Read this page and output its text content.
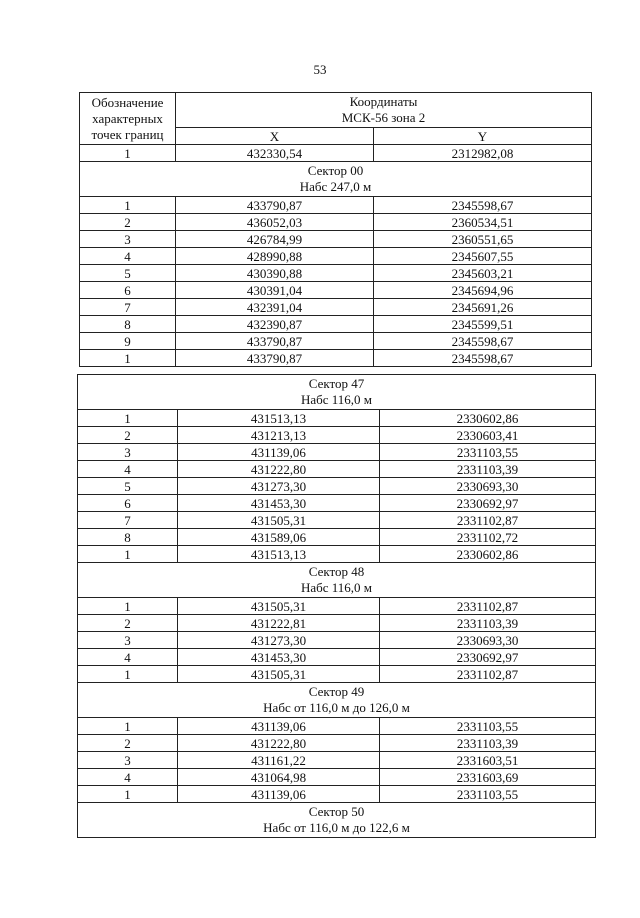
53
Обозначение
характерных
точек границ	Координаты
МСК-56 зона 2	
	X	Y
1	432330,54	2312982,08
Сектор 00
Набс 247,0 м		
1	433790,87	2345598,67
2	436052,03	2360534,51
3	426784,99	2360551,65
4	428990,88	2345607,55
5	430390,88	2345603,21
6	430391,04	2345694,96
7	432391,04	2345691,26
8	432390,87	2345599,51
9	433790,87	2345598,67
1	433790,87	2345598,67
Сектор 47
Набс 116,0 м		
1	431513,13	2330602,86
2	431213,13	2330603,41
3	431139,06	2331103,55
4	431222,80	2331103,39
5	431273,30	2330693,30
6	431453,30	2330692,97
7	431505,31	2331102,87
8	431589,06	2331102,72
1	431513,13	2330602,86
Сектор 48
Набс 116,0 м		
1	431505,31	2331102,87
2	431222,81	2331103,39
3	431273,30	2330693,30
4	431453,30	2330692,97
1	431505,31	2331102,87
Сектор 49
Набс от 116,0 м до 126,0 м		
1	431139,06	2331103,55
2	431222,80	2331103,39
3	431161,22	2331603,51
4	431064,98	2331603,69
1	431139,06	2331103,55
Сектор 50
Набс от 116,0 м до 122,6 м		
